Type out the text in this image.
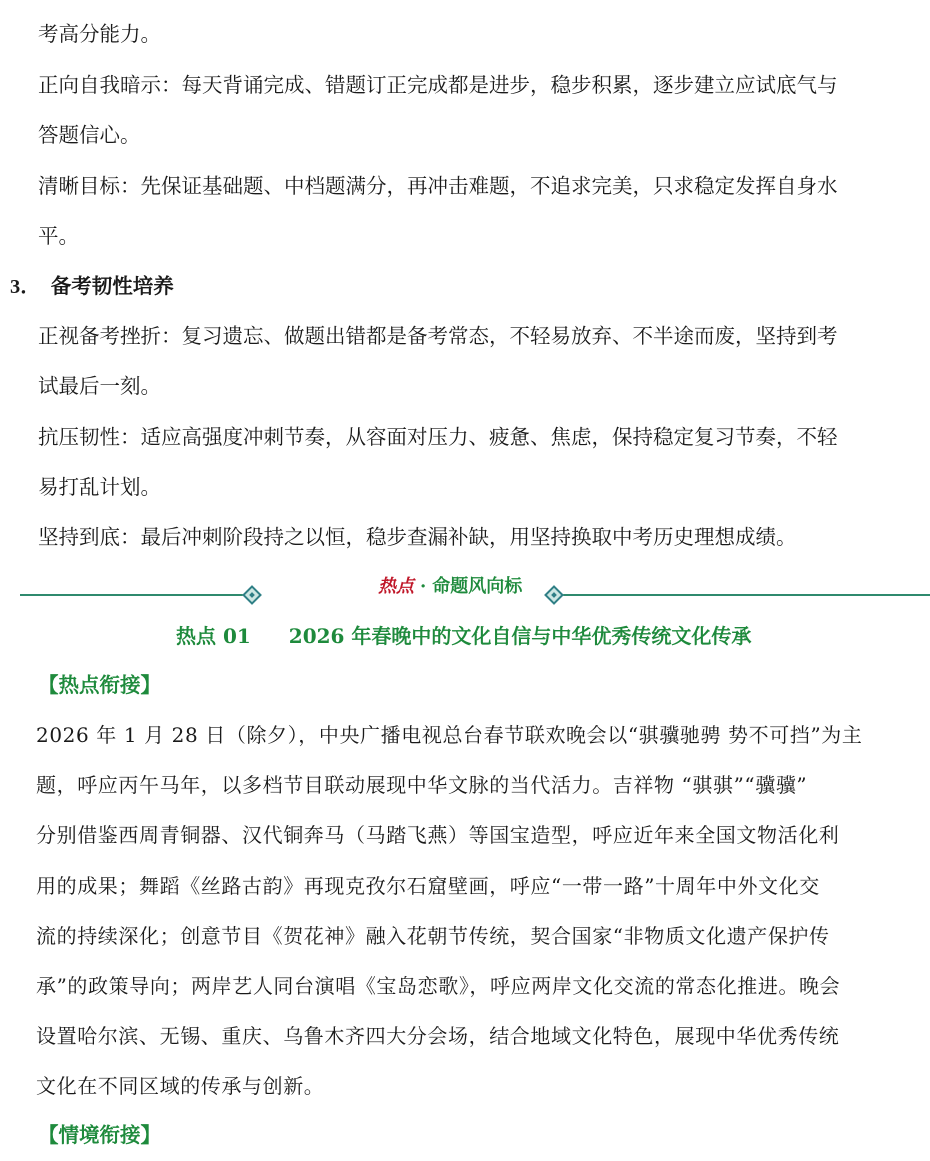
考高分能力。
正向自我暗示：每天背诵完成、错题订正完成都是进步，稳步积累，逐步建立应试底气与
答题信心。
清晰目标：先保证基础题、中档题满分，再冲击难题，不追求完美，只求稳定发挥自身水
平。
3． 备考韧性培养
正视备考挫折：复习遗忘、做题出错都是备考常态，不轻易放弃、不半途而废，坚持到考
试最后一刻。
抗压韧性：适应高强度冲刺节奏，从容面对压力、疲惫、焦虑，保持稳定复习节奏，不轻
易打乱计划。
坚持到底：最后冲刺阶段持之以恒，稳步查漏补缺，用坚持换取中考历史理想成绩。
热点 · 命题风向标
热点 01 2026 年春晚中的文化自信与中华优秀传统文化传承
【热点衔接】
2026 年 1 月 28 日（除夕），中央广播电视总台春节联欢晚会以“骐骥驰骋 势不可挡”为主
题，呼应丙午马年，以多档节目联动展现中华文脉的当代活力。吉祥物 “骐骐”“骥骥”
分别借鉴西周青铜器、汉代铜奔马（马踏飞燕）等国宝造型，呼应近年来全国文物活化利
用的成果；舞蹈《丝路古韵》再现克孜尔石窟壁画，呼应“一带一路”十周年中外文化交
流的持续深化；创意节目《贺花神》融入花朝节传统，契合国家“非物质文化遗产保护传
承”的政策导向；两岸艺人同台演唱《宝岛恋歌》，呼应两岸文化交流的常态化推进。晚会
设置哈尔滨、无锡、重庆、乌鲁木齐四大分会场，结合地域文化特色，展现中华优秀传统
文化在不同区域的传承与创新。
【情境衔接】
